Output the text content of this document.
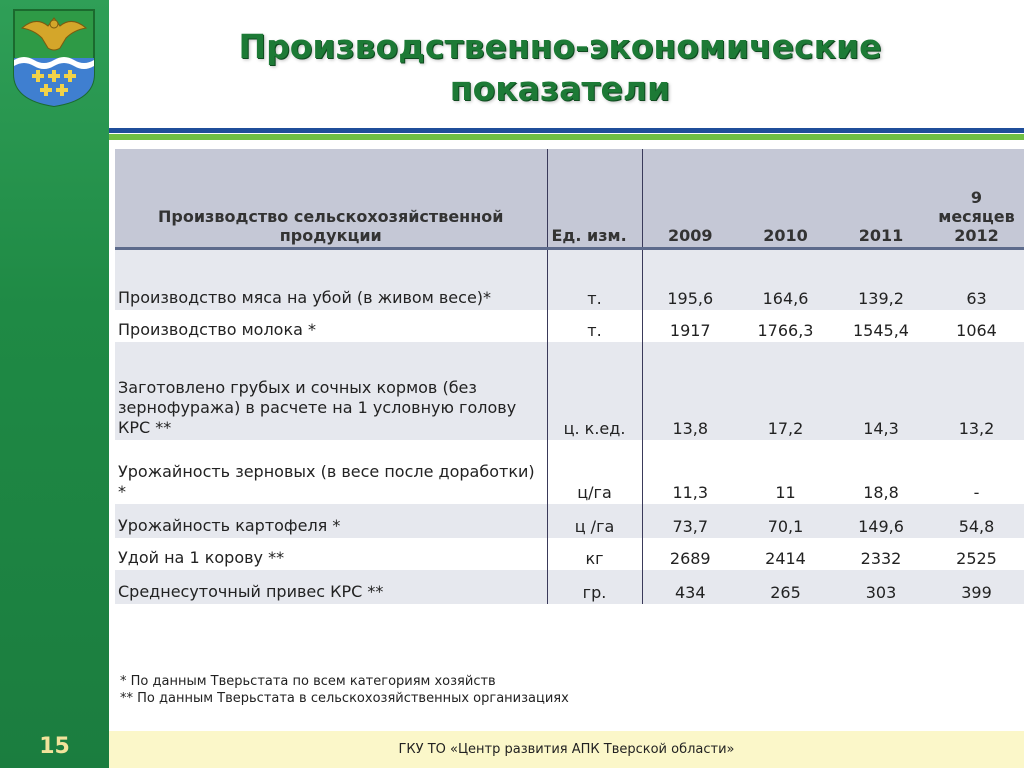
15
Производственно-экономические
показатели
Производство сельскохозяйственной продукции	Ед. изм.	2009	2010	2011	9
месяцев
2012

Производство мяса на убой (в живом весе)*	т.	195,6	164,6	139,2	63
Производство молока *	т.	1917	1766,3	1545,4	1064
Заготовлено грубых и сочных кормов (без зернофуража) в расчете на 1 условную голову КРС **	ц. к.ед.	13,8	17,2	14,3	13,2
Урожайность зерновых (в весе после доработки) *	ц/га	11,3	11	18,8	-
Урожайность картофеля *	ц /га	73,7	70,1	149,6	54,8
Удой на 1 корову **	кг	2689	2414	2332	2525
Среднесуточный привес КРС **	гр.	434	265	303	399
* По данным Тверьстата по всем категориям хозяйств
** По данным Тверьстата в сельскохозяйственных организациях
ГКУ ТО «Центр развития АПК Тверской области»
